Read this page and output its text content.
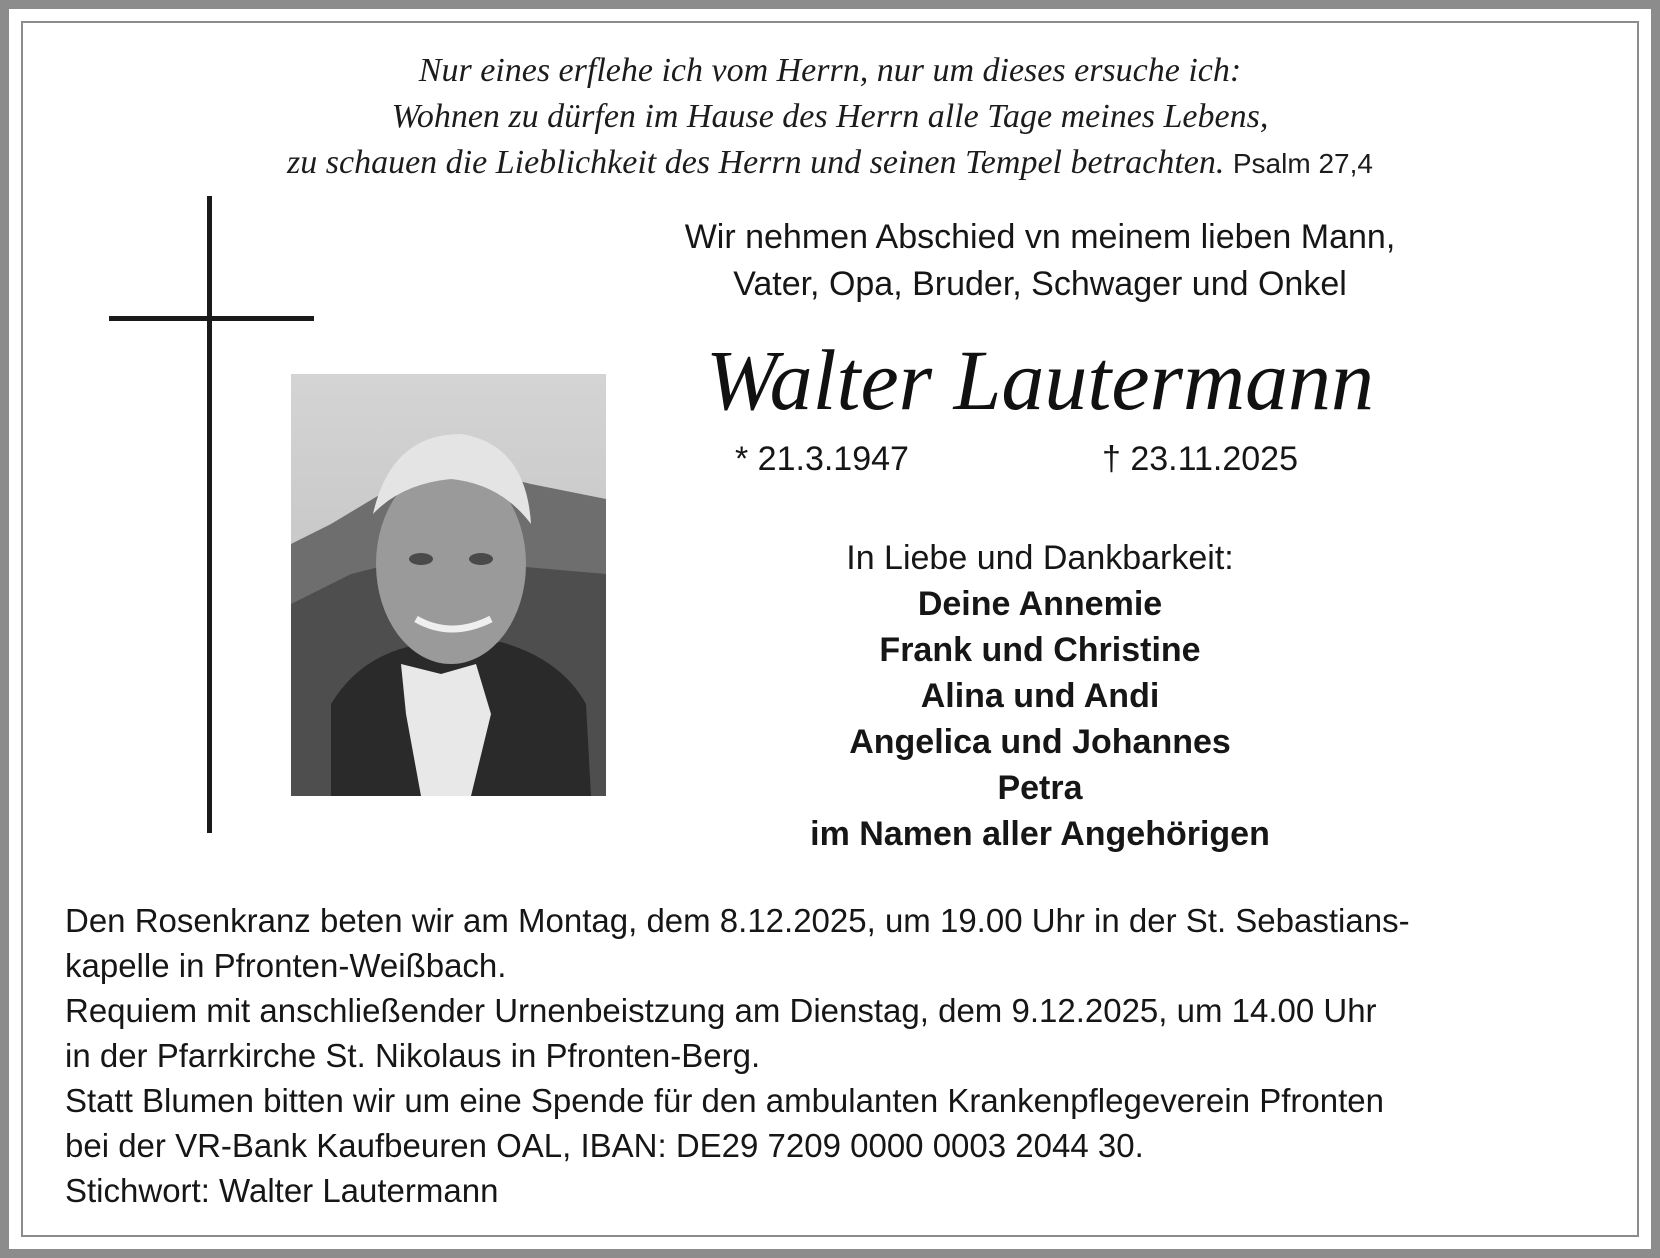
Nur eines erflehe ich vom Herrn, nur um dieses ersuche ich:
Wohnen zu dürfen im Hause des Herrn alle Tage meines Lebens,
zu schauen die Lieblichkeit des Herrn und seinen Tempel betrachten. Psalm 27,4
Wir nehmen Abschied vn meinem lieben Mann,
Vater, Opa, Bruder, Schwager und Onkel
Walter Lautermann
* 21.3.1947	† 23.11.2025
In Liebe und Dankbarkeit:
Deine Annemie
Frank und Christine
Alina und Andi
Angelica und Johannes
Petra
im Namen aller Angehörigen
Den Rosenkranz beten wir am Montag, dem 8.12.2025, um 19.00 Uhr in der St. Sebastians-
kapelle in Pfronten-Weißbach.
Requiem mit anschließender Urnenbeistzung am Dienstag, dem 9.12.2025, um 14.00 Uhr
in der Pfarrkirche St. Nikolaus in Pfronten-Berg.
Statt Blumen bitten wir um eine Spende für den ambulanten Krankenpflegeverein Pfronten
bei der VR-Bank Kaufbeuren OAL, IBAN: DE29 7209 0000 0003 2044 30.
Stichwort: Walter Lautermann
